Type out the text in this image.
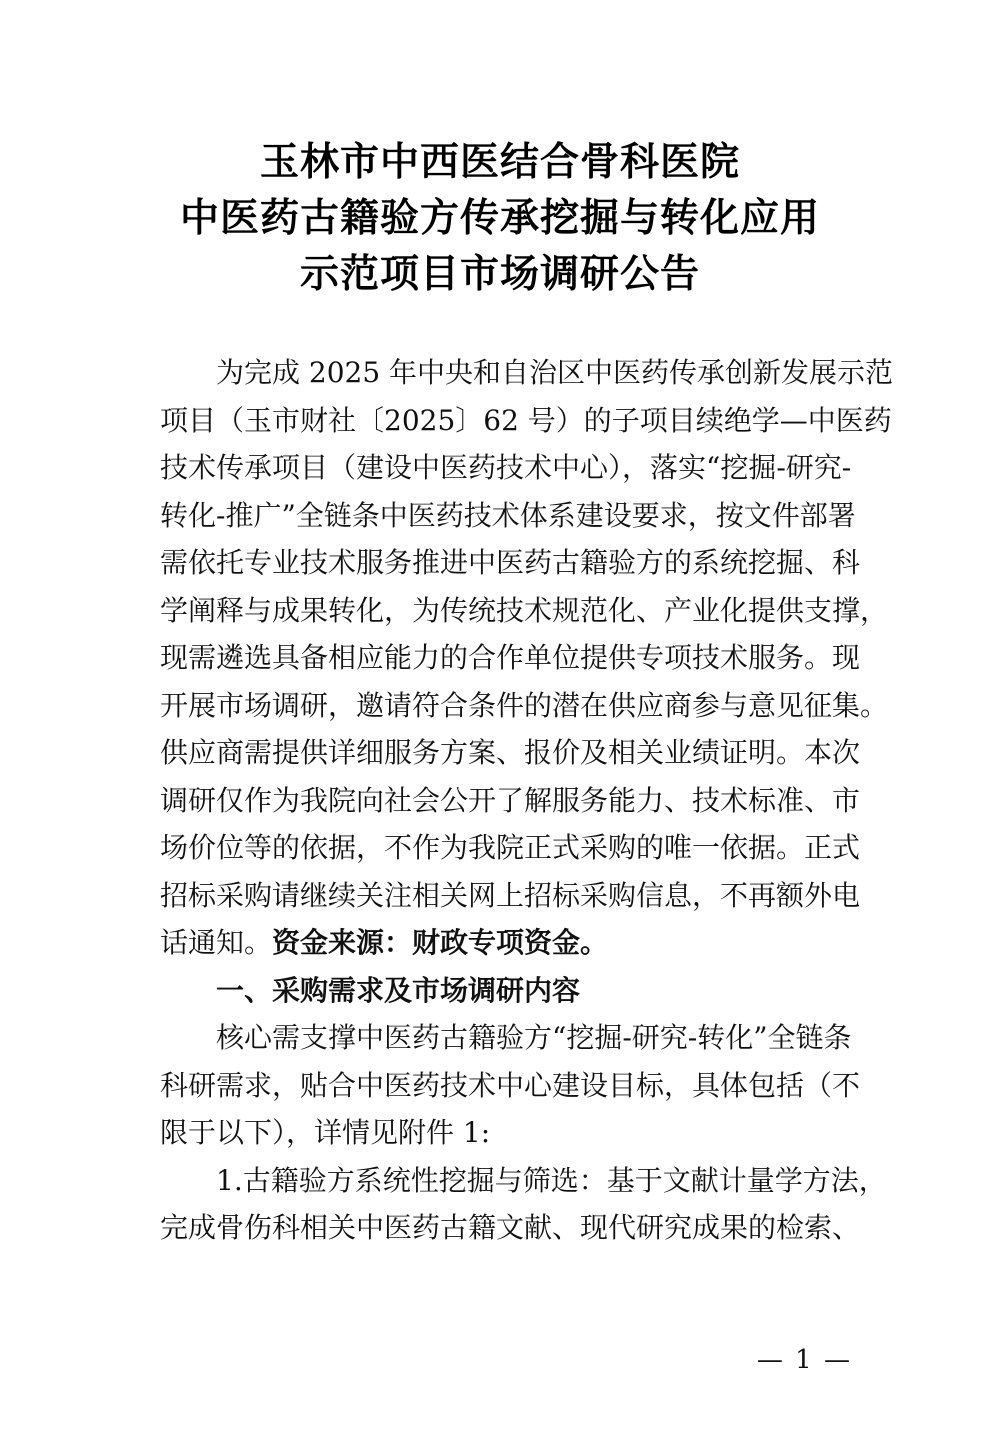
玉林市中西医结合骨科医院
中医药古籍验方传承挖掘与转化应用
示范项目市场调研公告
为完成 2025 年中央和自治区中医药传承创新发展示范
项目（玉市财社〔2025〕62 号）的子项目续绝学—中医药
技术传承项目（建设中医药技术中心），落实“挖掘-研究-
转化-推广”全链条中医药技术体系建设要求，按文件部署
需依托专业技术服务推进中医药古籍验方的系统挖掘、科
学阐释与成果转化，为传统技术规范化、产业化提供支撑，
现需遴选具备相应能力的合作单位提供专项技术服务。现
开展市场调研，邀请符合条件的潜在供应商参与意见征集。
供应商需提供详细服务方案、报价及相关业绩证明。本次
调研仅作为我院向社会公开了解服务能力、技术标准、市
场价位等的依据，不作为我院正式采购的唯一依据。正式
招标采购请继续关注相关网上招标采购信息，不再额外电
话通知。资金来源：财政专项资金。
一、采购需求及市场调研内容
核心需支撑中医药古籍验方“挖掘-研究-转化”全链条
科研需求，贴合中医药技术中心建设目标，具体包括（不
限于以下），详情见附件 1:
1.古籍验方系统性挖掘与筛选：基于文献计量学方法，
完成骨伤科相关中医药古籍文献、现代研究成果的检索、
— 1 —
